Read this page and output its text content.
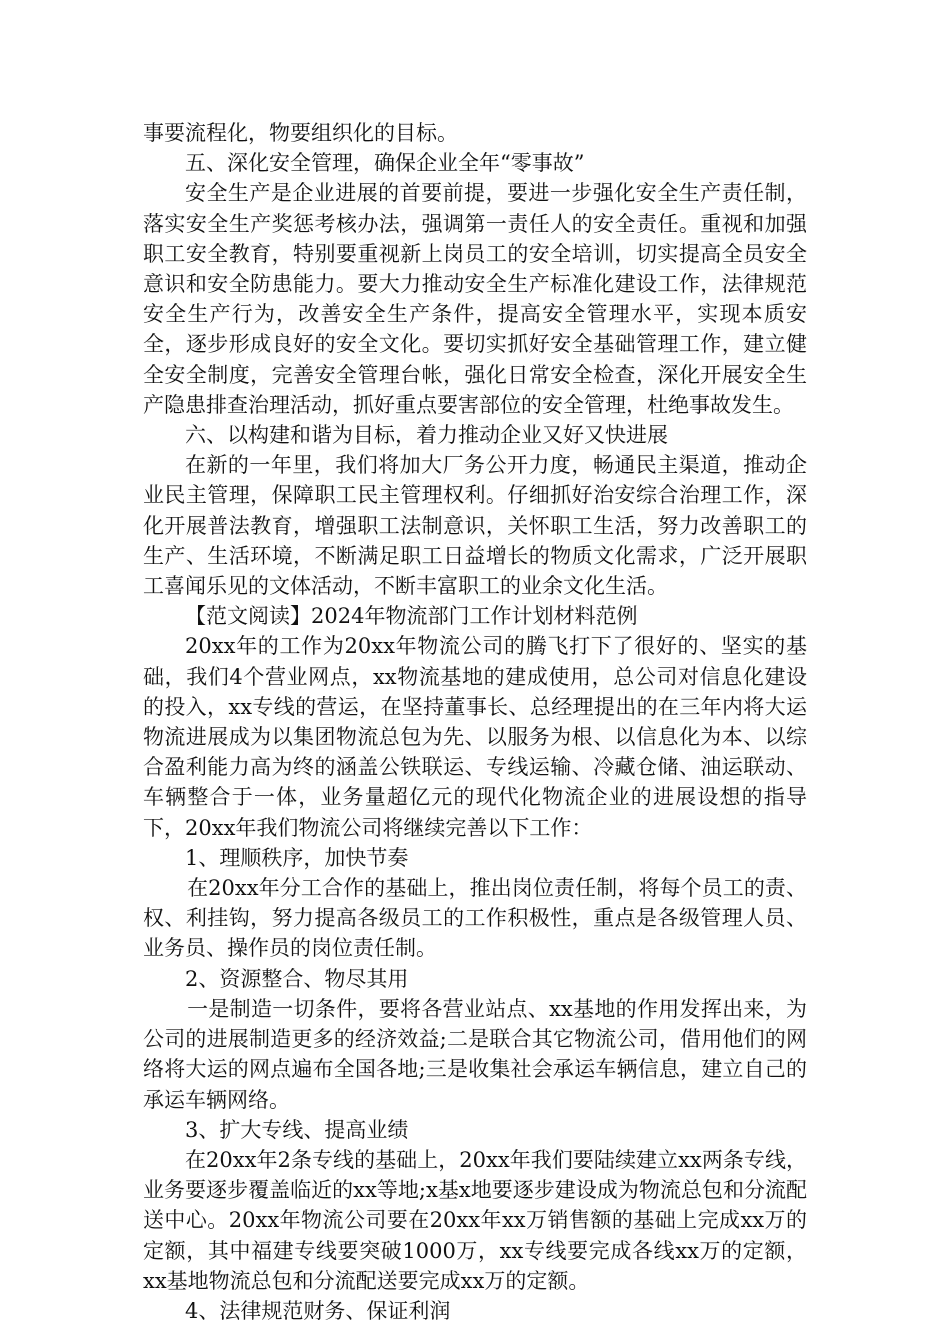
事要流程化，物要组织化的目标。

五、深化安全管理，确保企业全年“零事故”

安全生产是企业进展的首要前提，要进一步强化安全生产责任制，落实安全生产奖惩考核办法，强调第一责任人的安全责任。重视和加强职工安全教育，特别要重视新上岗员工的安全培训，切实提高全员安全意识和安全防患能力。要大力推动安全生产标准化建设工作，法律规范安全生产行为，改善安全生产条件，提高安全管理水平，实现本质安全，逐步形成良好的安全文化。要切实抓好安全基础管理工作，建立健全安全制度，完善安全管理台帐，强化日常安全检查，深化开展安全生产隐患排查治理活动，抓好重点要害部位的安全管理，杜绝事故发生。

六、以构建和谐为目标，着力推动企业又好又快进展

在新的一年里，我们将加大厂务公开力度，畅通民主渠道，推动企业民主管理，保障职工民主管理权利。仔细抓好治安综合治理工作，深化开展普法教育，增强职工法制意识，关怀职工生活，努力改善职工的生产、生活环境，不断满足职工日益增长的物质文化需求，广泛开展职工喜闻乐见的文体活动，不断丰富职工的业余文化生活。

【范文阅读】2024年物流部门工作计划材料范例

20xx年的工作为20xx年物流公司的腾飞打下了很好的、坚实的基础，我们4个营业网点，xx物流基地的建成使用，总公司对信息化建设的投入，xx专线的营运，在坚持董事长、总经理提出的在三年内将大运物流进展成为以集团物流总包为先、以服务为根、以信息化为本、以综合盈利能力高为终的涵盖公铁联运、专线运输、冷藏仓储、油运联动、车辆整合于一体，业务量超亿元的现代化物流企业的进展设想的指导下，20xx年我们物流公司将继续完善以下工作：

1、理顺秩序，加快节奏

在20xx年分工合作的基础上，推出岗位责任制，将每个员工的责、权、利挂钩，努力提高各级员工的工作积极性，重点是各级管理人员、业务员、操作员的岗位责任制。

2、资源整合、物尽其用

一是制造一切条件，要将各营业站点、xx基地的作用发挥出来，为公司的进展制造更多的经济效益;二是联合其它物流公司，借用他们的网络将大运的网点遍布全国各地;三是收集社会承运车辆信息，建立自己的承运车辆网络。

3、扩大专线、提高业绩

在20xx年2条专线的基础上，20xx年我们要陆续建立xx两条专线，业务要逐步覆盖临近的xx等地;x基x地要逐步建设成为物流总包和分流配送中心。20xx年物流公司要在20xx年xx万销售额的基础上完成xx万的定额，其中福建专线要突破1000万，xx专线要完成各线xx万的定额，xx基地物流总包和分流配送要完成xx万的定额。

4、法律规范财务、保证利润
